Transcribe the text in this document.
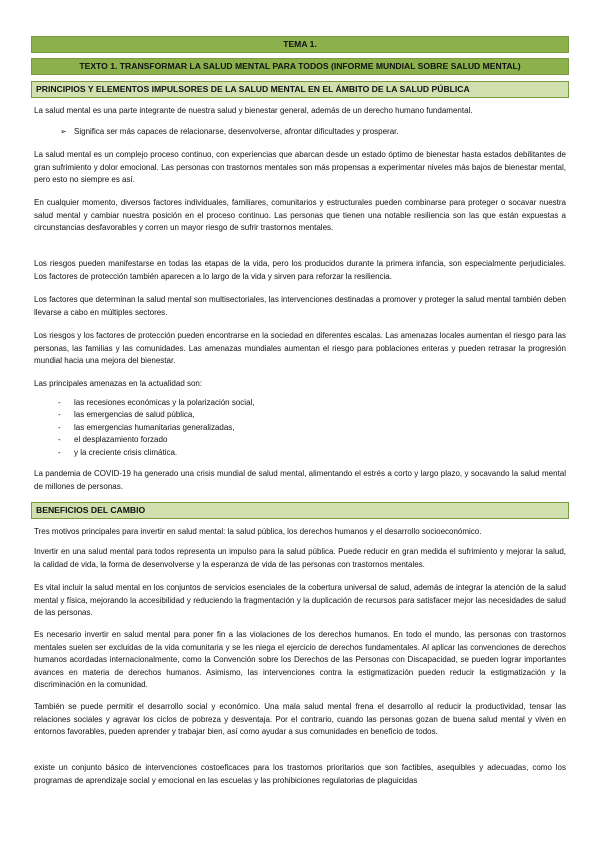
TEMA 1.
TEXTO 1. TRANSFORMAR LA SALUD MENTAL PARA TODOS (INFORME MUNDIAL SOBRE SALUD MENTAL)
PRINCIPIOS Y ELEMENTOS IMPULSORES DE LA SALUD MENTAL EN EL ÁMBITO DE LA SALUD PÚBLICA

La salud mental es una parte integrante de nuestra salud y bienestar general, además de un derecho humano fundamental.

➢ Significa ser más capaces de relacionarse, desenvolverse, afrontar dificultades y prosperar.

La salud mental es un complejo proceso continuo, con experiencias que abarcan desde un estado óptimo de bienestar hasta estados debilitantes de gran sufrimiento y dolor emocional. Las personas con trastornos mentales son más propensas a experimentar niveles más bajos de bienestar mental, pero esto no siempre es así.

En cualquier momento, diversos factores individuales, familiares, comunitarios y estructurales pueden combinarse para proteger o socavar nuestra salud mental y cambiar nuestra posición en el proceso continuo. Las personas que tienen una notable resiliencia son las que están expuestas a circunstancias desfavorables y corren un mayor riesgo de sufrir trastornos mentales.

Los riesgos pueden manifestarse en todas las etapas de la vida, pero los producidos durante la primera infancia, son especialmente perjudiciales. Los factores de protección también aparecen a lo largo de la vida y sirven para reforzar la resiliencia.

Los factores que determinan la salud mental son multisectoriales, las intervenciones destinadas a promover y proteger la salud mental también deben llevarse a cabo en múltiples sectores.

Los riesgos y los factores de protección pueden encontrarse en la sociedad en diferentes escalas. Las amenazas locales aumentan el riesgo para las personas, las familias y las comunidades. Las amenazas mundiales aumentan el riesgo para poblaciones enteras y pueden retrasar la progresión mundial hacia una mejora del bienestar.

Las principales amenazas en la actualidad son:

- las recesiones económicas y la polarización social,
- las emergencias de salud pública,
- las emergencias humanitarias generalizadas,
- el desplazamiento forzado
- y la creciente crisis climática.

La pandemia de COVID-19 ha generado una crisis mundial de salud mental, alimentando el estrés a corto y largo plazo, y socavando la salud mental de millones de personas.

BENEFICIOS DEL CAMBIO

Tres motivos principales para invertir en salud mental: la salud pública, los derechos humanos y el desarrollo socioeconómico.

Invertir en una salud mental para todos representa un impulso para la salud pública. Puede reducir en gran medida el sufrimiento y mejorar la salud, la calidad de vida, la forma de desenvolverse y la esperanza de vida de las personas con trastornos mentales.

Es vital incluir la salud mental en los conjuntos de servicios esenciales de la cobertura universal de salud, además de integrar la atención de la salud mental y física, mejorando la accesibilidad y reduciendo la fragmentación y la duplicación de recursos para satisfacer mejor las necesidades de salud de las personas.

Es necesario invertir en salud mental para poner fin a las violaciones de los derechos humanos. En todo el mundo, las personas con trastornos mentales suelen ser excluidas de la vida comunitaria y se les niega el ejercicio de derechos fundamentales. Al aplicar las convenciones de derechos humanos acordadas internacionalmente, como la Convención sobre los Derechos de las Personas con Discapacidad, se pueden lograr importantes avances en materia de derechos humanos. Asimismo, las intervenciones contra la estigmatización pueden reducir la estigmatización y la discriminación en la comunidad.

También se puede permitir el desarrollo social y económico. Una mala salud mental frena el desarrollo al reducir la productividad, tensar las relaciones sociales y agravar los ciclos de pobreza y desventaja. Por el contrario, cuando las personas gozan de buena salud mental y viven en entornos favorables, pueden aprender y trabajar bien, así como ayudar a sus comunidades en beneficio de todos.

existe un conjunto básico de intervenciones costoeficaces para los trastornos prioritarios que son factibles, asequibles y adecuadas, como los programas de aprendizaje social y emocional en las escuelas y las prohibiciones regulatorias de plaguicidas
